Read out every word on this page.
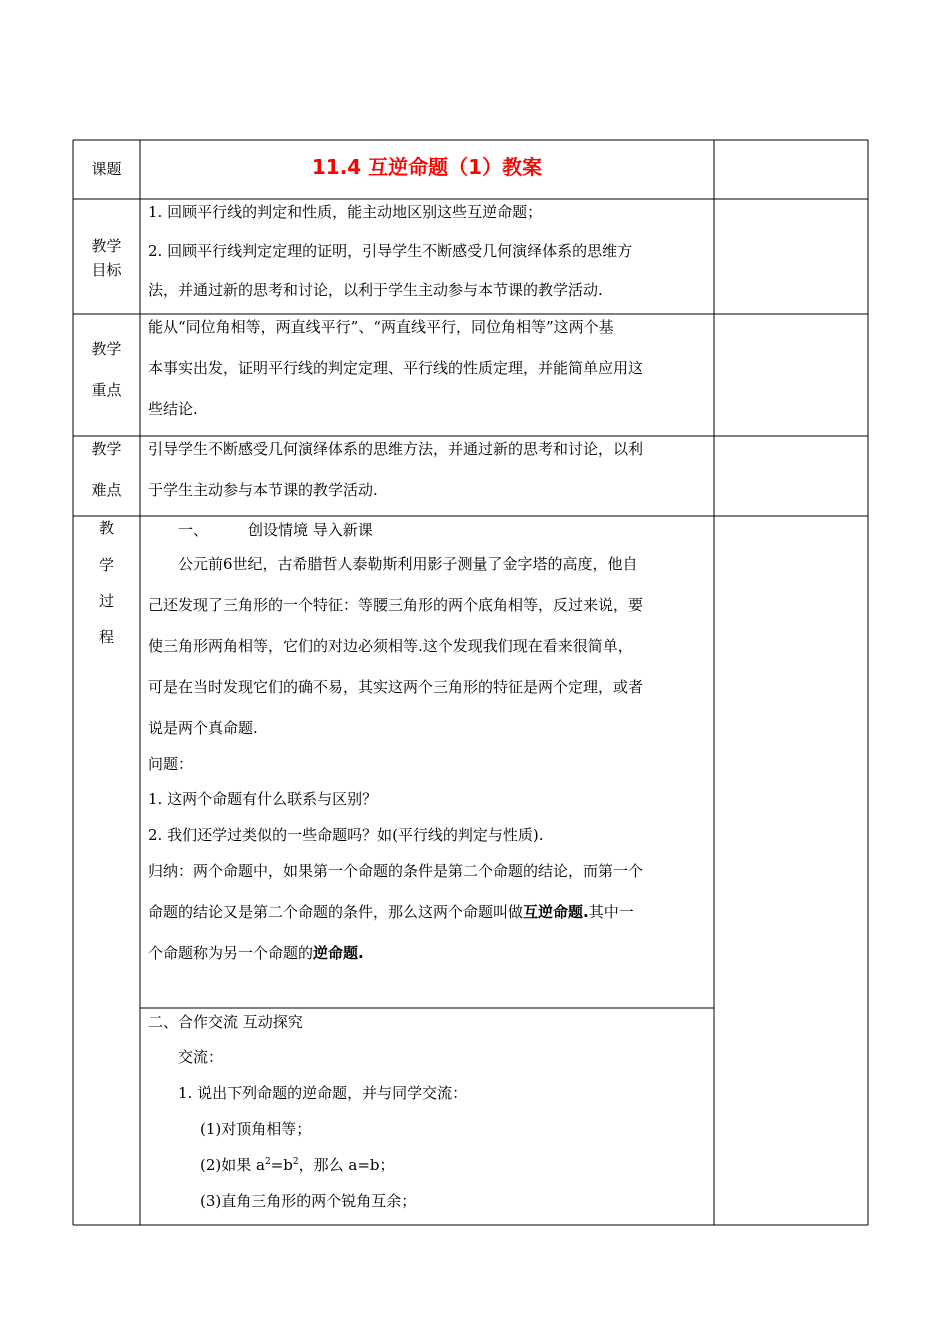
课题	11.4 互逆命题（1）教案
教学
目标
1. 回顾平行线的判定和性质，能主动地区别这些互逆命题；
2. 回顾平行线判定定理的证明，引导学生不断感受几何演绎体系的思维方
法，并通过新的思考和讨论，以利于学生主动参与本节课的教学活动.
教学
重点
能从“同位角相等，两直线平行”、“两直线平行，同位角相等”这两个基
本事实出发，证明平行线的判定定理、平行线的性质定理，并能简单应用这
些结论.
教学
难点
引导学生不断感受几何演绎体系的思维方法，并通过新的思考和讨论，以利
于学生主动参与本节课的教学活动.
教
学
过
程
一、	创设情境 导入新课
公元前6世纪，古希腊哲人泰勒斯利用影子测量了金字塔的高度，他自
己还发现了三角形的一个特征：等腰三角形的两个底角相等，反过来说，要
使三角形两角相等，它们的对边必须相等.这个发现我们现在看来很简单，
可是在当时发现它们的确不易，其实这两个三角形的特征是两个定理，或者
说是两个真命题.
问题：
1. 这两个命题有什么联系与区别？
2. 我们还学过类似的一些命题吗？如(平行线的判定与性质).
归纳：两个命题中，如果第一个命题的条件是第二个命题的结论，而第一个
命题的结论又是第二个命题的条件，那么这两个命题叫做互逆命题.其中一
个命题称为另一个命题的逆命题.
二、合作交流 互动探究
交流：
1. 说出下列命题的逆命题，并与同学交流：
(1)对顶角相等；
(2)如果 $a^2=b^2$，那么 a=b；
(3)直角三角形的两个锐角互余；
